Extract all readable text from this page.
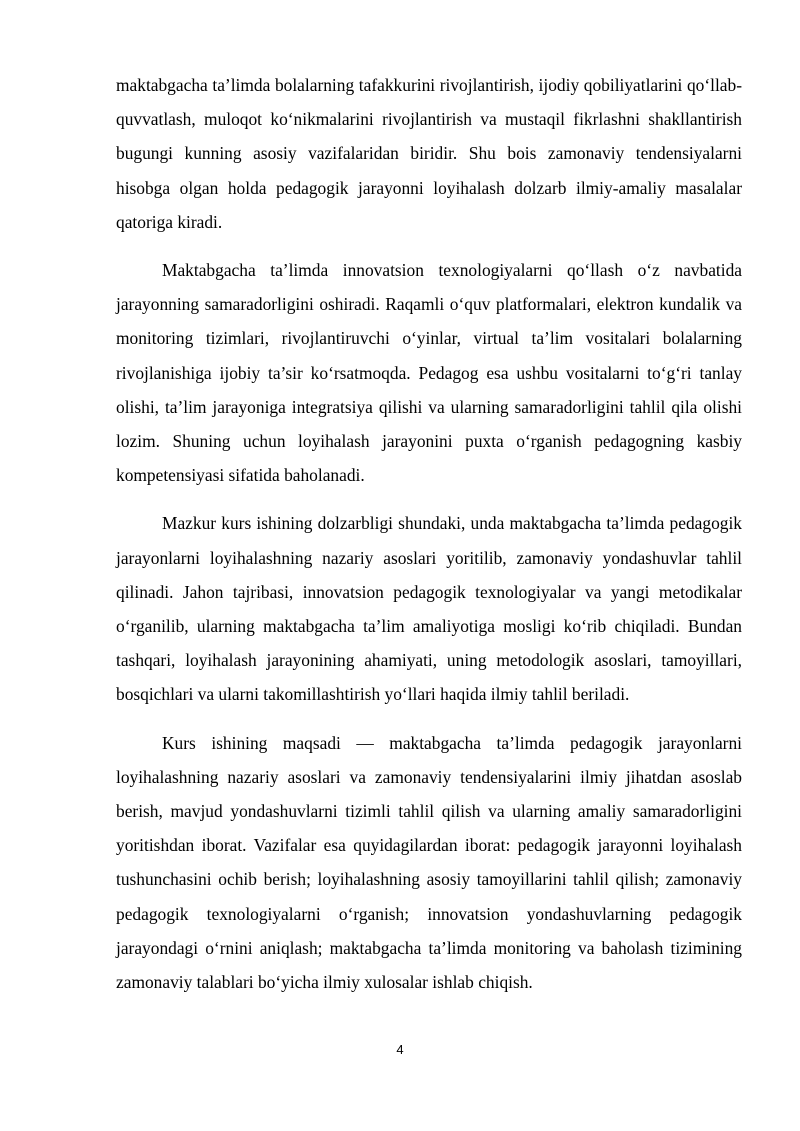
maktabgacha ta’limda bolalarning tafakkurini rivojlantirish, ijodiy qobiliyatlarini qo‘llab-quvvatlash, muloqot ko‘nikmalarini rivojlantirish va mustaqil fikrlashni shakllantirish bugungi kunning asosiy vazifalaridan biridir. Shu bois zamonaviy tendensiyalarni hisobga olgan holda pedagogik jarayonni loyihalash dolzarb ilmiy-amaliy masalalar qatoriga kiradi.

Maktabgacha ta’limda innovatsion texnologiyalarni qo‘llash o‘z navbatida jarayonning samaradorligini oshiradi. Raqamli o‘quv platformalari, elektron kundalik va monitoring tizimlari, rivojlantiruvchi o‘yinlar, virtual ta’lim vositalari bolalarning rivojlanishiga ijobiy ta’sir ko‘rsatmoqda. Pedagog esa ushbu vositalarni to‘g‘ri tanlay olishi, ta’lim jarayoniga integratsiya qilishi va ularning samaradorligini tahlil qila olishi lozim. Shuning uchun loyihalash jarayonini puxta o‘rganish pedagogning kasbiy kompetensiyasi sifatida baholanadi.

Mazkur kurs ishining dolzarbligi shundaki, unda maktabgacha ta’limda pedagogik jarayonlarni loyihalashning nazariy asoslari yoritilib, zamonaviy yondashuvlar tahlil qilinadi. Jahon tajribasi, innovatsion pedagogik texnologiyalar va yangi metodikalar o‘rganilib, ularning maktabgacha ta’lim amaliyotiga mosligi ko‘rib chiqiladi. Bundan tashqari, loyihalash jarayonining ahamiyati, uning metodologik asoslari, tamoyillari, bosqichlari va ularni takomillashtirish yo‘llari haqida ilmiy tahlil beriladi.

Kurs ishining maqsadi — maktabgacha ta’limda pedagogik jarayonlarni loyihalashning nazariy asoslari va zamonaviy tendensiyalarini ilmiy jihatdan asoslab berish, mavjud yondashuvlarni tizimli tahlil qilish va ularning amaliy samaradorligini yoritishdan iborat. Vazifalar esa quyidagilardan iborat: pedagogik jarayonni loyihalash tushunchasini ochib berish; loyihalashning asosiy tamoyillarini tahlil qilish; zamonaviy pedagogik texnologiyalarni o‘rganish; innovatsion yondashuvlarning pedagogik jarayondagi o‘rnini aniqlash; maktabgacha ta’limda monitoring va baholash tizimining zamonaviy talablari bo‘yicha ilmiy xulosalar ishlab chiqish.

4
